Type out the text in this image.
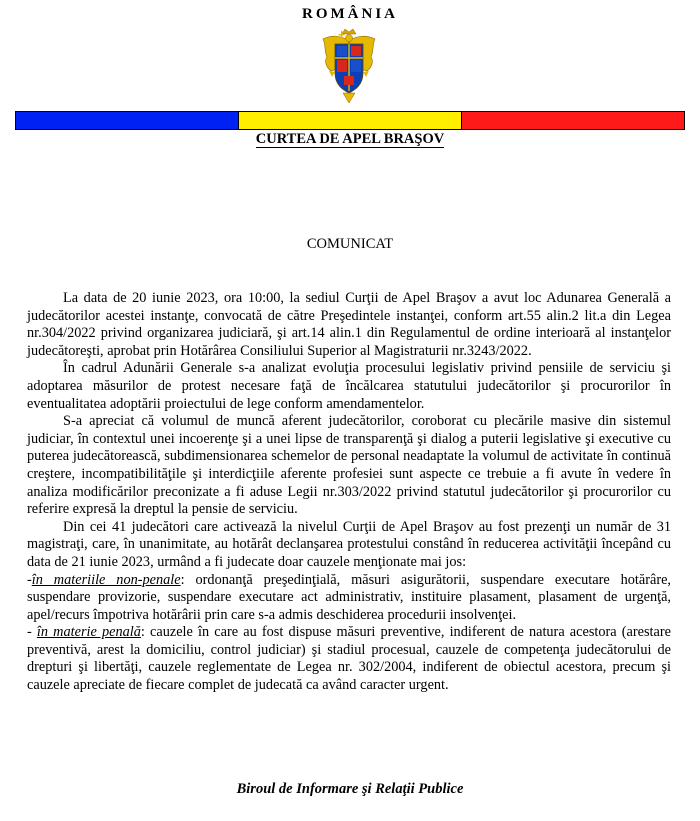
ROMÂNIA

CURTEA DE APEL BRAŞOV

COMUNICAT

La data de 20 iunie 2023, ora 10:00, la sediul Curţii de Apel Braşov a avut loc Adunarea Generală a judecătorilor acestei instanţe, convocată de către Preşedintele instanţei, conform art.55 alin.2 lit.a din Legea nr.304/2022 privind organizarea judiciară, şi art.14 alin.1 din Regulamentul de ordine interioară al instanţelor judecătoreşti, aprobat prin Hotărârea Consiliului Superior al Magistraturii nr.3243/2022.

În cadrul Adunării Generale s-a analizat evoluţia procesului legislativ privind pensiile de serviciu şi adoptarea măsurilor de protest necesare faţă de încălcarea statutului judecătorilor şi procurorilor în eventualitatea adoptării proiectului de lege conform amendamentelor.

S-a apreciat că volumul de muncă aferent judecătorilor, coroborat cu plecările masive din sistemul judiciar, în contextul unei incoerenţe şi a unei lipse de transparenţă şi dialog a puterii legislative şi executive cu puterea judecătorească, subdimensionarea schemelor de personal neadaptate la volumul de activitate în continuă creştere, incompatibilităţile şi interdicţiile aferente profesiei sunt aspecte ce trebuie a fi avute în vedere în analiza modificărilor preconizate a fi aduse Legii nr.303/2022 privind statutul judecătorilor şi procurorilor cu referire expresă la dreptul la pensie de serviciu.

Din cei 41 judecători care activează la nivelul Curţii de Apel Braşov au fost prezenţi un număr de 31 magistraţi, care, în unanimitate, au hotărât declanşarea protestului constând în reducerea activităţii începând cu data de 21 iunie 2023, urmând a fi judecate doar cauzele menţionate mai jos:

-în materiile non-penale: ordonanţă preşedinţială, măsuri asigurătorii, suspendare executare hotărâre, suspendare provizorie, suspendare executare act administrativ, instituire plasament, plasament de urgenţă, apel/recurs împotriva hotărârii prin care s-a admis deschiderea procedurii insolvenţei.

- în materie penală: cauzele în care au fost dispuse măsuri preventive, indiferent de natura acestora (arestare preventivă, arest la domiciliu, control judiciar) şi stadiul procesual, cauzele de competenţa judecătorului de drepturi şi libertăţi, cauzele reglementate de Legea nr. 302/2004, indiferent de obiectul acestora, precum şi cauzele apreciate de fiecare complet de judecată ca având caracter urgent.

Biroul de Informare şi Relaţii Publice
